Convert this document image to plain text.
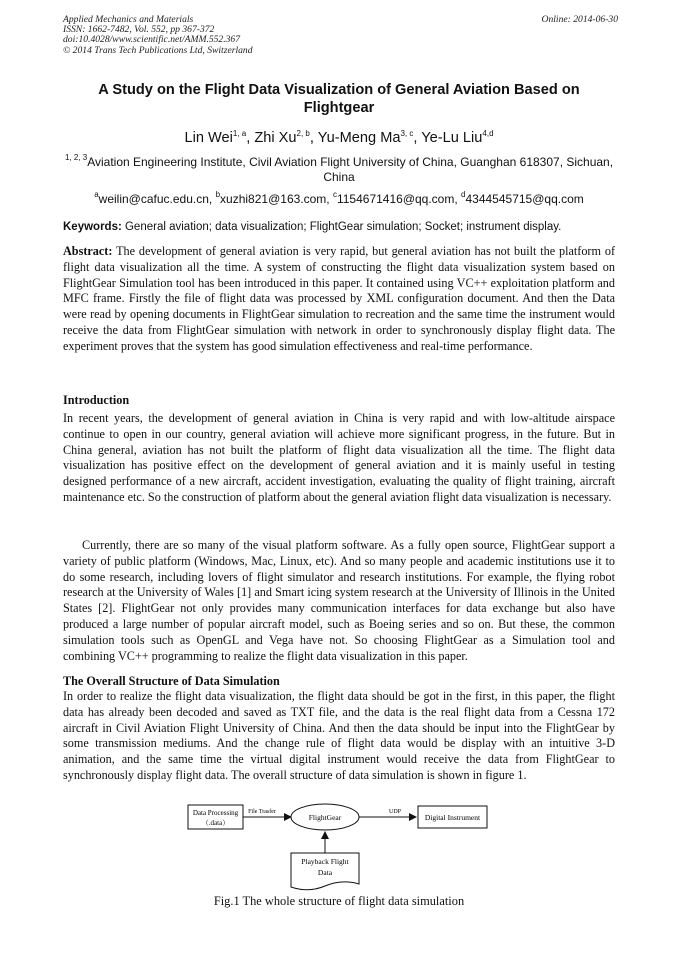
Applied Mechanics and Materials
ISSN: 1662-7482, Vol. 552, pp 367-372
doi:10.4028/www.scientific.net/AMM.552.367
© 2014 Trans Tech Publications Ltd, Switzerland
Online: 2014-06-30
A Study on the Flight Data Visualization of General Aviation Based on Flightgear
Lin Wei$^{1, a}$, Zhi Xu$^{2, b}$, Yu-Meng Ma$^{3, c}$, Ye-Lu Liu$^{4,d}$
$^{1, 2, 3}$Aviation Engineering Institute, Civil Aviation Flight University of China, Guanghan 618307, Sichuan, China
$^a$weilin@cafuc.edu.cn, $^b$xuzhi821@163.com, $^c$1154671416@qq.com, $^d$4344545715@qq.com
Keywords: General aviation; data visualization; FlightGear simulation; Socket; instrument display.
Abstract: The development of general aviation is very rapid, but general aviation has not built the platform of flight data visualization all the time. A system of constructing the flight data visualization system based on FlightGear Simulation tool has been introduced in this paper. It contained using VC++ exploitation platform and MFC frame. Firstly the file of flight data was processed by XML configuration document. And then the Data were read by opening documents in FlightGear simulation to recreation and the same time the instrument would receive the data from FlightGear simulation with network in order to synchronously display flight data. The experiment proves that the system has good simulation effectiveness and real-time performance.
Introduction
In recent years, the development of general aviation in China is very rapid and with low-altitude airspace continue to open in our country, general aviation will achieve more significant progress, in the future. But in China general, aviation has not built the platform of flight data visualization all the time. The flight data visualization has positive effect on the development of general aviation and it is mainly useful in testing designed performance of a new aircraft, accident investigation, evaluating the quality of flight training, aircraft maintenance etc. So the construction of platform about the general aviation flight data visualization is necessary.
Currently, there are so many of the visual platform software. As a fully open source, FlightGear support a variety of public platform (Windows, Mac, Linux, etc). And so many people and academic institutions use it to do some research, including lovers of flight simulator and research institutions. For example, the flying robot research at the University of Wales [1] and Smart icing system research at the University of Illinois in the United States [2]. FlightGear not only provides many communication interfaces for data exchange but also have produced a large number of popular aircraft model, such as Boeing series and so on. But these, the common simulation tools such as OpenGL and Vega have not. So choosing FlightGear as a Simulation tool and combining VC++ programming to realize the flight data visualization in this paper.
The Overall Structure of Data Simulation
In order to realize the flight data visualization, the flight data should be got in the first, in this paper, the flight data has already been decoded and saved as TXT file, and the data is the real flight data from a Cessna 172 aircraft in Civil Aviation Flight University of China. And then the data should be input into the FlightGear by some transmission mediums. And the change rule of flight data would be display with an intuitive 3-D animation, and the same time the virtual digital instrument would receive the data from FlightGear to synchronously display flight data. The overall structure of data simulation is shown in figure 1.
Data Processing
（.data）
File Trasfer
FlightGear
UDP
Digital Instrument
Playback Flight
Data
Fig.1 The whole structure of flight data simulation
